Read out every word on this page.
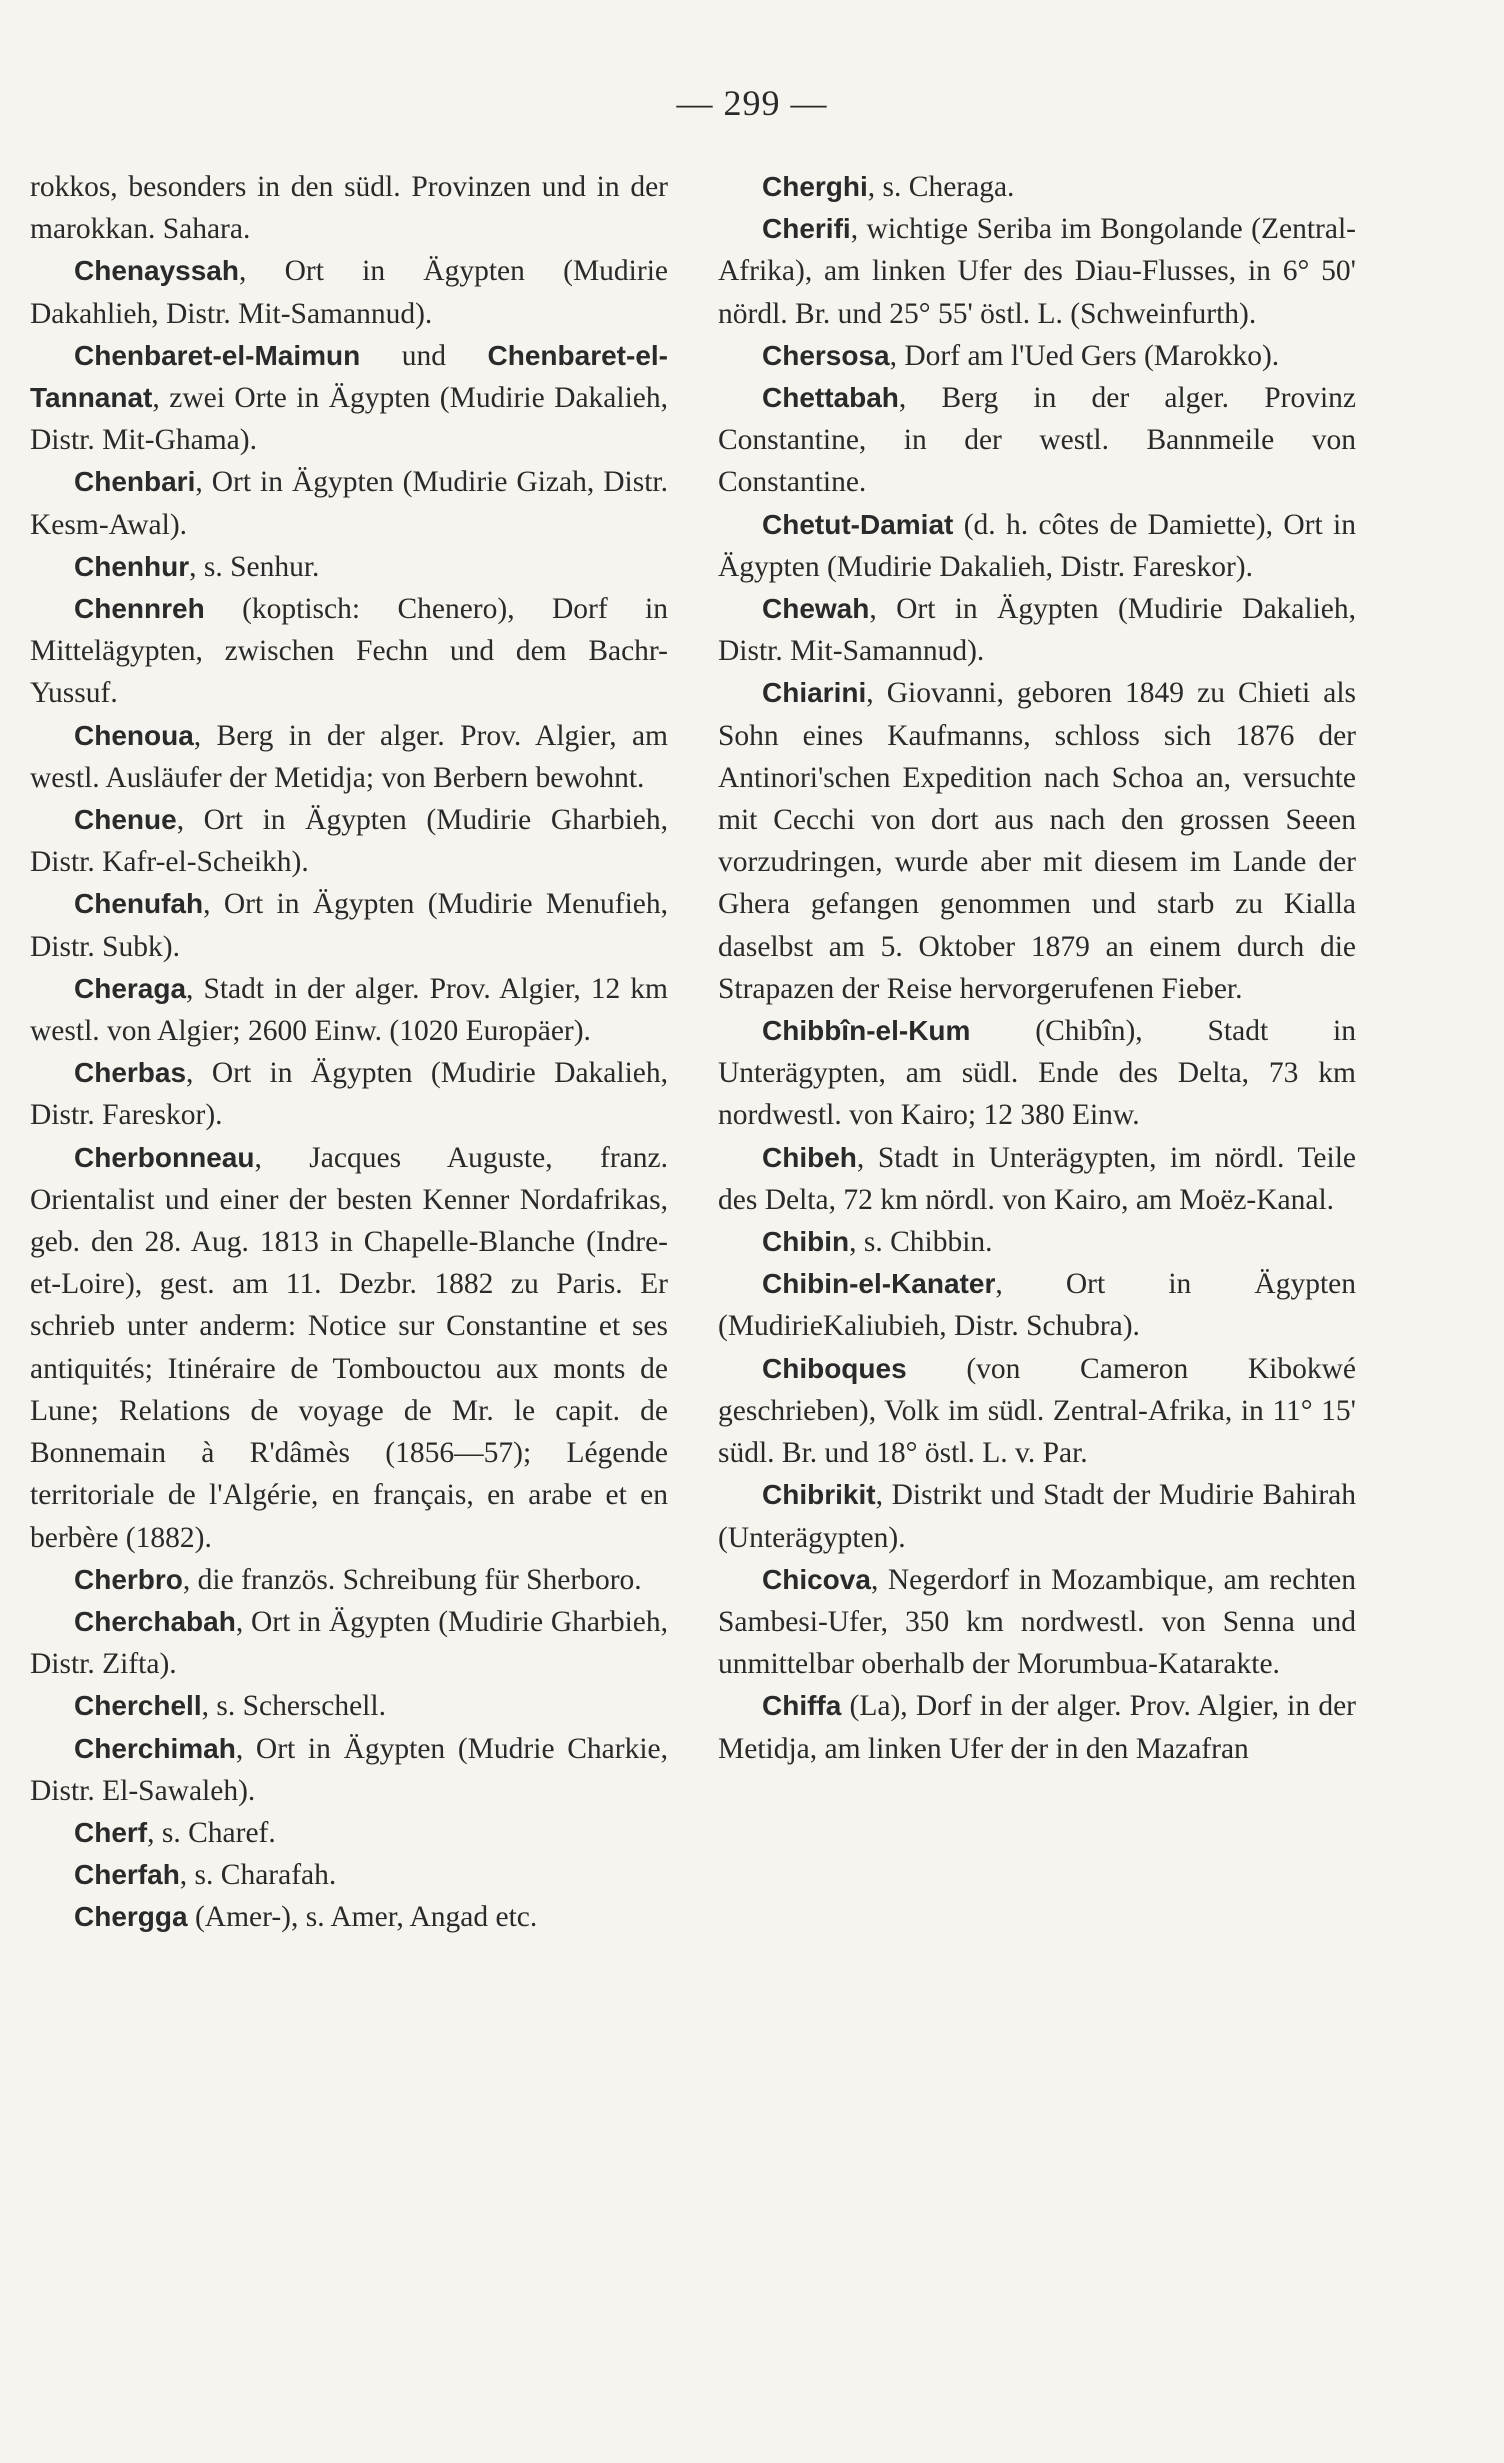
— 299 —

rokkos, besonders in den südl. Provinzen und in der marokkan. Sahara.

Chenayssah, Ort in Ägypten (Mudirie Dakahlieh, Distr. Mit-Samannud).

Chenbaret-el-Maimun und Chenbaret-el-Tannanat, zwei Orte in Ägypten (Mudirie Dakalieh, Distr. Mit-Ghama).

Chenbari, Ort in Ägypten (Mudirie Gizah, Distr. Kesm-Awal).

Chenhur, s. Senhur.

Chennreh (koptisch: Chenero), Dorf in Mittelägypten, zwischen Fechn und dem Bachr-Yussuf.

Chenoua, Berg in der alger. Prov. Algier, am westl. Ausläufer der Metidja; von Berbern bewohnt.

Chenue, Ort in Ägypten (Mudirie Gharbieh, Distr. Kafr-el-Scheikh).

Chenufah, Ort in Ägypten (Mudirie Menufieh, Distr. Subk).

Cheraga, Stadt in der alger. Prov. Algier, 12 km westl. von Algier; 2600 Einw. (1020 Europäer).

Cherbas, Ort in Ägypten (Mudirie Dakalieh, Distr. Fareskor).

Cherbonneau, Jacques Auguste, franz. Orientalist und einer der besten Kenner Nordafrikas, geb. den 28. Aug. 1813 in Chapelle-Blanche (Indre-et-Loire), gest. am 11. Dezbr. 1882 zu Paris. Er schrieb unter anderm: Notice sur Constantine et ses antiquités; Itinéraire de Tombouctou aux monts de Lune; Relations de voyage de Mr. le capit. de Bonnemain à R'dâmès (1856—57); Légende territoriale de l'Algérie, en français, en arabe et en berbère (1882).

Cherbro, die französ. Schreibung für Sherboro.

Cherchabah, Ort in Ägypten (Mudirie Gharbieh, Distr. Zifta).

Cherchell, s. Scherschell.

Cherchimah, Ort in Ägypten (Mudrie Charkie, Distr. El-Sawaleh).

Cherf, s. Charef.

Cherfah, s. Charafah.

Chergga (Amer-), s. Amer, Angad etc.

Cherghi, s. Cheraga.

Cherifi, wichtige Seriba im Bongolande (Zentral-Afrika), am linken Ufer des Diau-Flusses, in 6° 50' nördl. Br. und 25° 55' östl. L. (Schweinfurth).

Chersosa, Dorf am l'Ued Gers (Marokko).

Chettabah, Berg in der alger. Provinz Constantine, in der westl. Bannmeile von Constantine.

Chetut-Damiat (d. h. côtes de Damiette), Ort in Ägypten (Mudirie Dakalieh, Distr. Fareskor).

Chewah, Ort in Ägypten (Mudirie Dakalieh, Distr. Mit-Samannud).

Chiarini, Giovanni, geboren 1849 zu Chieti als Sohn eines Kaufmanns, schloss sich 1876 der Antinori'schen Expedition nach Schoa an, versuchte mit Cecchi von dort aus nach den grossen Seeen vorzudringen, wurde aber mit diesem im Lande der Ghera gefangen genommen und starb zu Kialla daselbst am 5. Oktober 1879 an einem durch die Strapazen der Reise hervorgerufenen Fieber.

Chibbîn-el-Kum (Chibîn), Stadt in Unterägypten, am südl. Ende des Delta, 73 km nordwestl. von Kairo; 12 380 Einw.

Chibeh, Stadt in Unterägypten, im nördl. Teile des Delta, 72 km nördl. von Kairo, am Moëz-Kanal.

Chibin, s. Chibbin.

Chibin-el-Kanater, Ort in Ägypten (MudirieKaliubieh, Distr. Schubra).

Chiboques (von Cameron Kibokwé geschrieben), Volk im südl. Zentral-Afrika, in 11° 15' südl. Br. und 18° östl. L. v. Par.

Chibrikit, Distrikt und Stadt der Mudirie Bahirah (Unterägypten).

Chicova, Negerdorf in Mozambique, am rechten Sambesi-Ufer, 350 km nordwestl. von Senna und unmittelbar oberhalb der Morumbua-Katarakte.

Chiffa (La), Dorf in der alger. Prov. Algier, in der Metidja, am linken Ufer der in den Mazafran
